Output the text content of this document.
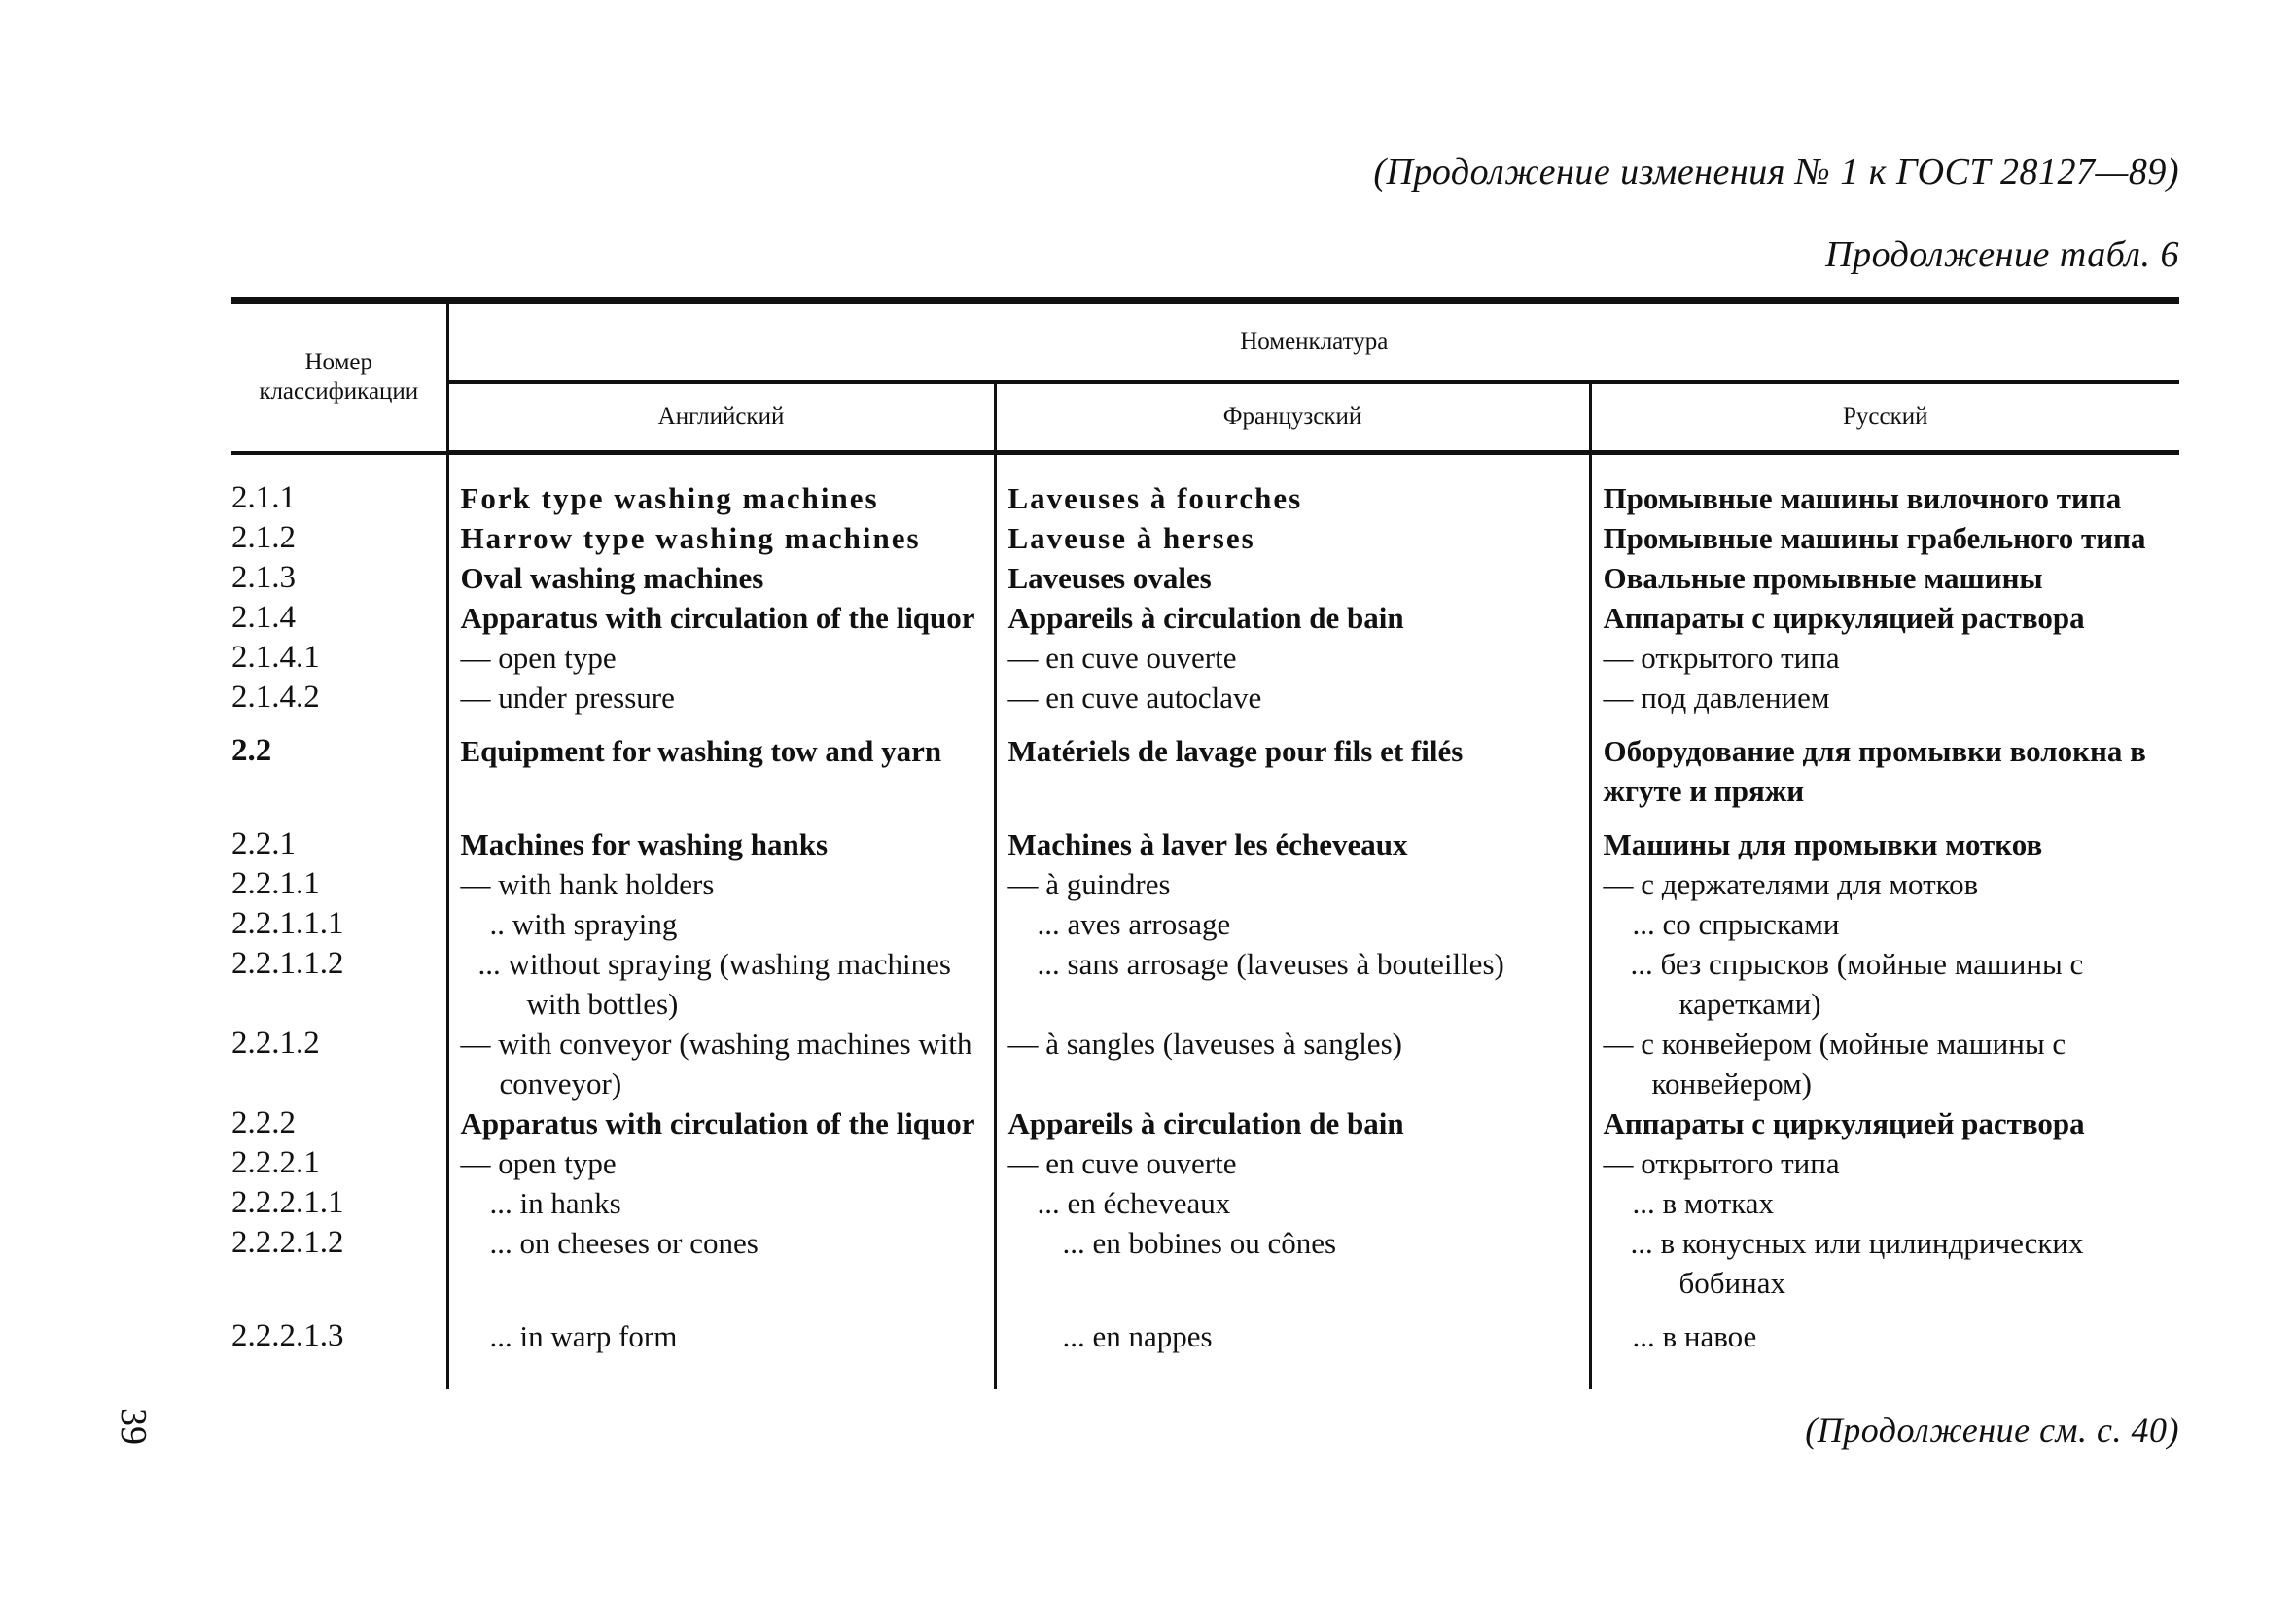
(Продолжение изменения № 1 к ГОСТ 28127—89)
Продолжение табл. 6
Номер классификации	Номенклатура		
	Английский	Французский	Русский
2.1.1	Fork type washing machines	Laveuses à fourches	Промывные машины вилочного типа
2.1.2	Harrow type washing machines	Laveuse à herses	Промывные машины грабельного типа
2.1.3	Oval washing machines	Laveuses ovales	Овальные промывные машины
2.1.4	Apparatus with circulation of the liquor	Appareils à circulation de bain	Аппараты с циркуляцией раствора
2.1.4.1	— open type	— en cuve ouverte	— открытого типа
2.1.4.2	— under pressure	— en cuve autoclave	— под давлением
2.2	Equipment for washing tow and yarn	Matériels de lavage pour fils et filés	Оборудование для промывки волокна в жгуте и пряжи
2.2.1	Machines for washing hanks	Machines à laver les écheveaux	Машины для промывки мотков
2.2.1.1	— with hank holders	— à guindres	— с держателями для мотков
2.2.1.1.1	.. with spraying	... aves arrosage	... со спрысками
2.2.1.1.2	... without spraying (washing machines with bottles)	... sans arrosage (laveuses à bouteilles)	... без спрысков (мойные машины с каретками)
2.2.1.2	— with conveyor (washing machines with conveyor)	— à sangles (laveuses à sangles)	— с конвейером (мойные машины с конвейером)
2.2.2	Apparatus with circulation of the liquor	Appareils à circulation de bain	Аппараты с циркуляцией раствора
2.2.2.1	— open type	— en cuve ouverte	— открытого типа
2.2.2.1.1	... in hanks	... en écheveaux	... в мотках
2.2.2.1.2	... on cheeses or cones	... en bobines ou cônes	... в конусных или цилиндрических бобинах
2.2.2.1.3	... in warp form	... en nappes	... в навое
39	(Продолжение см. с. 40)
